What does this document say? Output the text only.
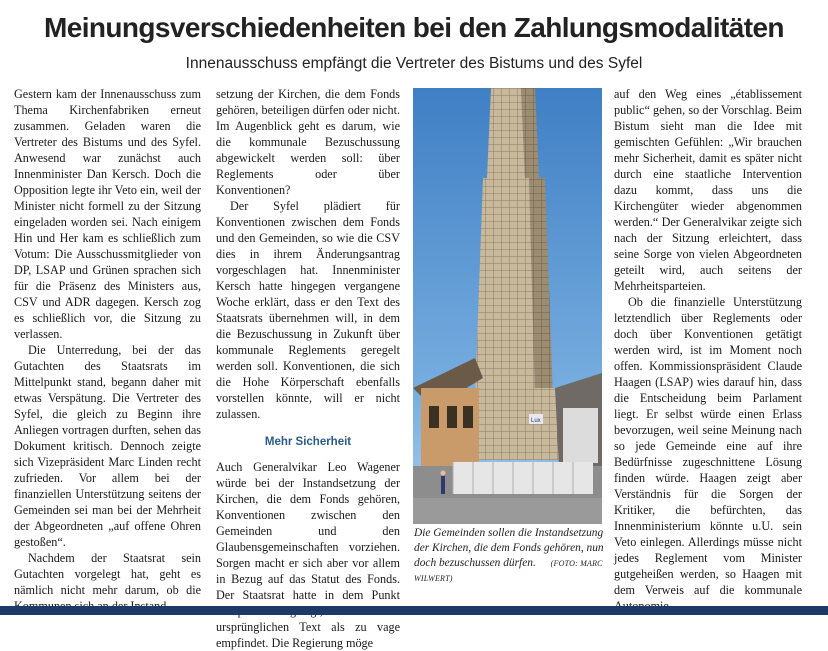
Meinungsverschiedenheiten bei den Zahlungsmodalitäten
Innenausschuss empfängt die Vertreter des Bistums und des Syfel

Gestern kam der Innenausschuss zum Thema Kirchenfabriken erneut zusammen. Geladen waren die Vertreter des Bistums und des Syfel. Anwesend war zunächst auch Innenminister Dan Kersch. Doch die Opposition legte ihr Veto ein, weil der Minister nicht formell zu der Sitzung eingeladen worden sei. Nach einigem Hin und Her kam es schließlich zum Votum: Die Ausschussmitglieder von DP, LSAP und Grünen sprachen sich für die Präsenz des Ministers aus, CSV und ADR dagegen. Kersch zog es schließlich vor, die Sitzung zu verlassen.

Die Unterredung, bei der das Gutachten des Staatsrats im Mittelpunkt stand, begann daher mit etwas Verspätung. Die Vertreter des Syfel, die gleich zu Beginn ihre Anliegen vortragen durften, sehen das Dokument kritisch. Dennoch zeigte sich Vizepräsident Marc Linden recht zufrieden. Vor allem bei der finanziellen Unterstützung seitens der Gemeinden sei man bei der Mehrheit der Abgeordneten „auf offene Ohren gestoßen“.

Nachdem der Staatsrat sein Gutachten vorgelegt hat, geht es nämlich nicht mehr darum, ob die

setzung der Kirchen, die dem Fonds gehören, beteiligen dürfen oder nicht. Im Augenblick geht es darum, wie die kommunale Bezuschussung abgewickelt werden soll: über Reglements oder über Konventionen?

Der Syfel plädiert für Konventionen zwischen dem Fonds und den Gemeinden, so wie die CSV dies in ihrem Änderungsantrag vorgeschlagen hat. Innenminister Kersch hatte hingegen vergangene Woche erklärt, dass er den Text des Staatsrats übernehmen will, in dem die Bezuschussung in Zukunft über kommunale Reglements geregelt werden soll. Konventionen, die sich die Hohe Körperschaft ebenfalls vorstellen könnte, will er nicht zulassen.

Mehr Sicherheit

Auch Generalvikar Leo Wagener würde bei der Instandsetzung der Kirchen, die dem Fonds gehören, Konventionen zwischen den Gemeinden und den Glaubensgemeinschaften vorziehen. Sorgen macht er sich aber vor allem in Bezug auf das Statut des Fonds. Der Staatsrat hatte in dem Punkt ursprünglichen Text als zu vage empfindet. Die Regierung möge

Lux
Die Gemeinden sollen die Instandsetzung der Kirchen, die dem Fonds gehören, nun doch bezuschussen dürfen. (FOTO: MARC WILWERT)

auf den Weg eines „établissement public“ gehen, so der Vorschlag. Beim Bistum sieht man die Idee mit gemischten Gefühlen: „Wir brauchen mehr Sicherheit, damit es später nicht durch eine staatliche Intervention dazu kommt, dass uns die Kirchengüter wieder abgenommen werden.“ Der Generalvikar zeigte sich nach der Sitzung erleichtert, dass seine Sorge von vielen Abgeordneten geteilt wird, auch seitens der Mehrheitsparteien.

Ob die finanzielle Unterstützung letztendlich über Reglements oder doch über Konventionen getätigt werden wird, ist im Moment noch offen. Kommissionspräsident Claude Haagen (LSAP) wies darauf hin, dass die Entscheidung beim Parlament liegt. Er selbst würde einen Erlass bevorzugen, weil seine Meinung nach so jede Gemeinde eine auf ihre Bedürfnisse zugeschnittene Lösung finden würde. Haagen zeigt aber Verständnis für die Sorgen der Kritiker, die befürchten, das Innenministerium könnte u.U. sein Veto einlegen. Allerdings müsse nicht jedes Reglement vom Minister gutgeheißen werden, so Haagen mit dem Verweis auf die kommunale
